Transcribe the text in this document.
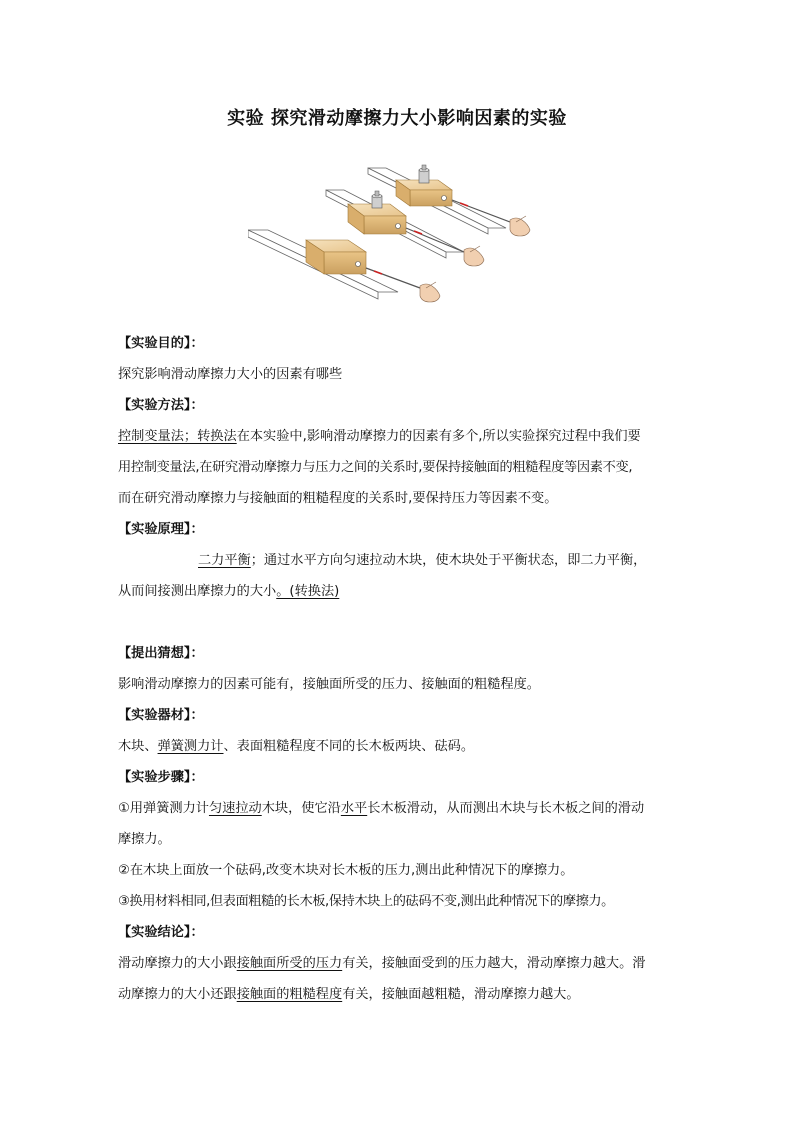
实验 探究滑动摩擦力大小影响因素的实验

【实验目的】：

探究影响滑动摩擦力大小的因素有哪些

【实验方法】：

控制变量法；转换法在本实验中,影响滑动摩擦力的因素有多个,所以实验探究过程中我们要

用控制变量法,在研究滑动摩擦力与压力之间的关系时,要保持接触面的粗糙程度等因素不变,

而在研究滑动摩擦力与接触面的粗糙程度的关系时,要保持压力等因素不变。

【实验原理】：

二力平衡；通过水平方向匀速拉动木块，使木块处于平衡状态，即二力平衡，

从而间接测出摩擦力的大小。(转换法)

【提出猜想】：

影响滑动摩擦力的因素可能有，接触面所受的压力、接触面的粗糙程度。

【实验器材】：

木块、弹簧测力计、表面粗糙程度不同的长木板两块、砝码。

【实验步骤】：

①用弹簧测力计匀速拉动木块，使它沿水平长木板滑动，从而测出木块与长木板之间的滑动

摩擦力。

②在木块上面放一个砝码,改变木块对长木板的压力,测出此种情况下的摩擦力。

③换用材料相同,但表面粗糙的长木板,保持木块上的砝码不变,测出此种情况下的摩擦力。

【实验结论】：

滑动摩擦力的大小跟接触面所受的压力有关，接触面受到的压力越大，滑动摩擦力越大。滑

动摩擦力的大小还跟接触面的粗糙程度有关，接触面越粗糙，滑动摩擦力越大。
